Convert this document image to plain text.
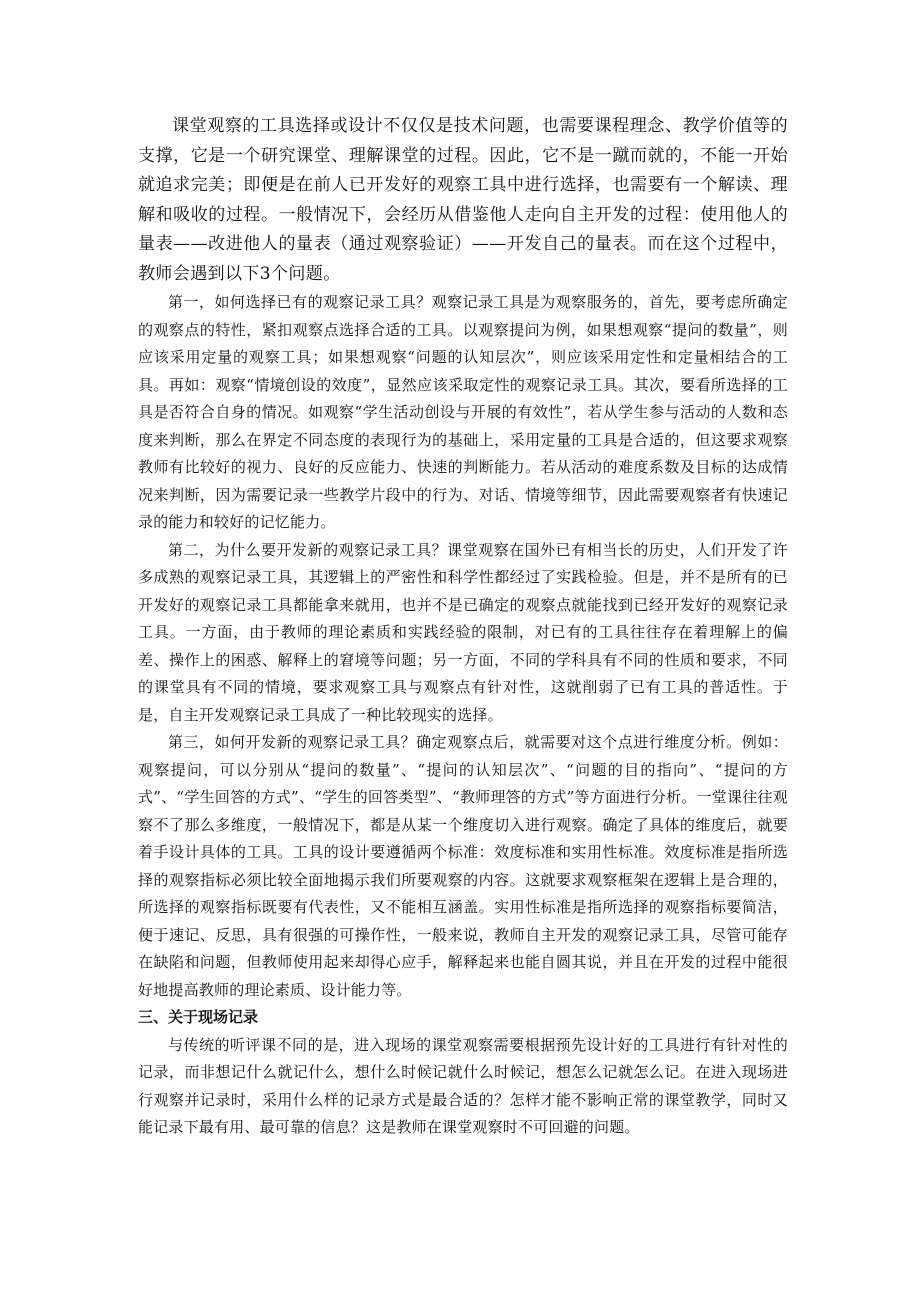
课堂观察的工具选择或设计不仅仅是技术问题，也需要课程理念、教学价值等的支撑，它是一个研究课堂、理解课堂的过程。因此，它不是一蹴而就的，不能一开始就追求完美；即便是在前人已开发好的观察工具中进行选择，也需要有一个解读、理解和吸收的过程。一般情况下，会经历从借鉴他人走向自主开发的过程：使用他人的量表——改进他人的量表（通过观察验证）——开发自己的量表。而在这个过程中，教师会遇到以下3个问题。

第一，如何选择已有的观察记录工具？观察记录工具是为观察服务的，首先，要考虑所确定的观察点的特性，紧扣观察点选择合适的工具。以观察提问为例，如果想观察“提问的数量”，则应该采用定量的观察工具；如果想观察“问题的认知层次”，则应该采用定性和定量相结合的工具。再如：观察“情境创设的效度”，显然应该采取定性的观察记录工具。其次，要看所选择的工具是否符合自身的情况。如观察“学生活动创设与开展的有效性”，若从学生参与活动的人数和态度来判断，那么在界定不同态度的表现行为的基础上，采用定量的工具是合适的，但这要求观察教师有比较好的视力、良好的反应能力、快速的判断能力。若从活动的难度系数及目标的达成情况来判断，因为需要记录一些教学片段中的行为、对话、情境等细节，因此需要观察者有快速记录的能力和较好的记忆能力。

第二，为什么要开发新的观察记录工具？课堂观察在国外已有相当长的历史，人们开发了许多成熟的观察记录工具，其逻辑上的严密性和科学性都经过了实践检验。但是，并不是所有的已开发好的观察记录工具都能拿来就用，也并不是已确定的观察点就能找到已经开发好的观察记录工具。一方面，由于教师的理论素质和实践经验的限制，对已有的工具往往存在着理解上的偏差、操作上的困惑、解释上的窘境等问题；另一方面，不同的学科具有不同的性质和要求，不同的课堂具有不同的情境，要求观察工具与观察点有针对性，这就削弱了已有工具的普适性。于是，自主开发观察记录工具成了一种比较现实的选择。

第三，如何开发新的观察记录工具？确定观察点后，就需要对这个点进行维度分析。例如：观察提问，可以分别从“提问的数量”、“提问的认知层次”、“问题的目的指向”、“提问的方式”、“学生回答的方式”、“学生的回答类型”、“教师理答的方式”等方面进行分析。一堂课往往观察不了那么多维度，一般情况下，都是从某一个维度切入进行观察。确定了具体的维度后，就要着手设计具体的工具。工具的设计要遵循两个标准：效度标准和实用性标准。效度标准是指所选择的观察指标必须比较全面地揭示我们所要观察的内容。这就要求观察框架在逻辑上是合理的，所选择的观察指标既要有代表性，又不能相互涵盖。实用性标准是指所选择的观察指标要简洁，便于速记、反思，具有很强的可操作性，一般来说，教师自主开发的观察记录工具，尽管可能存在缺陷和问题，但教师使用起来却得心应手，解释起来也能自圆其说，并且在开发的过程中能很好地提高教师的理论素质、设计能力等。

三、关于现场记录

与传统的听评课不同的是，进入现场的课堂观察需要根据预先设计好的工具进行有针对性的记录，而非想记什么就记什么，想什么时候记就什么时候记，想怎么记就怎么记。在进入现场进行观察并记录时，采用什么样的记录方式是最合适的？怎样才能不影响正常的课堂教学，同时又能记录下最有用、最可靠的信息？这是教师在课堂观察时不可回避的问题。
